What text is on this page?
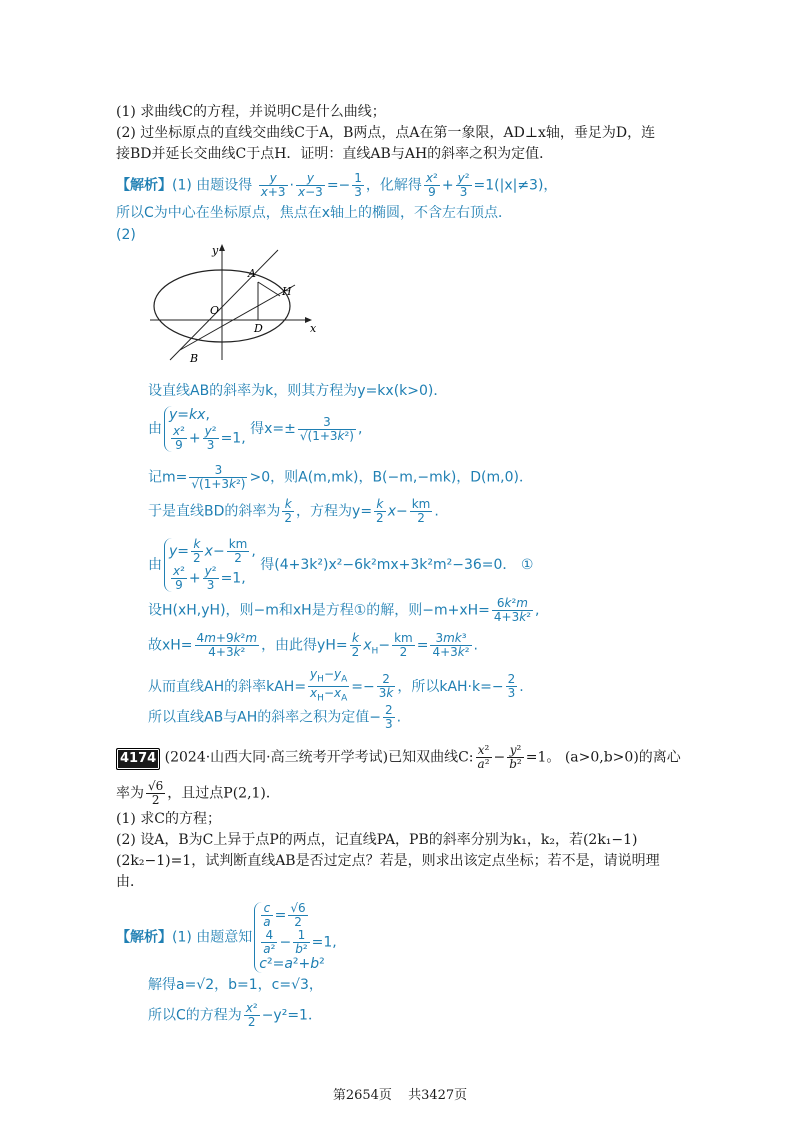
(1) 求曲线C的方程，并说明C是什么曲线；
(2) 过坐标原点的直线交曲线C于A，B两点，点A在第一象限，AD⊥x轴，垂足为D，连
接BD并延长交曲线C于点H．证明：直线AB与AH的斜率之积为定值．
【解析】(1) 由题设得 $\frac{y}{x+3} \cdot \frac{y}{x-3} =- \frac{1}{3}$ ，化解得 $\frac{\text{x²}}{9} + \frac{\text{y²}}{3} =1(|x|\ne 3)$，
所以C为中心在坐标原点，焦点在x轴上的椭圆，不含左右顶点．
(2)
y
x
O
A
H
D
B
设直线AB的斜率为k，则其方程为y=kx(k>0)．
由
y=kx,
$\frac{\text{x²}}{9} + \frac{\text{y²}}{3} =1$,
得$x=\pm \frac{3}{\text{√(1+3k²)}}$ ,
记$m= \frac{3}{\text{√(1+3k²)}} >0$，则A(m,mk)，B(−m,−mk)，D(m,0)．
于是直线BD的斜率为 $\frac{k}{2}$ ，方程为$y= \frac{k}{2} x- \frac{km}{2}$ .
由
$y= \frac{k}{2} x- \frac{km}{2}$ ,
$\frac{\text{x²}}{9} + \frac{\text{y²}}{3} =1$,
得(4+3k²)x²−6k²mx+3k²m²−36=0． ①
设H(xH,yH)，则−m和xH是方程①的解，则$-m+xH= \frac{\text{6k²m}}{\text{4+3k²}}$ ,
故$xH= \frac{\text{4m+9k²m}}{\text{4+3k²}}$ ，由此得$yH= \frac{k}{2} x_H- \frac{km}{2} = \frac{\text{3mk³}}{\text{4+3k²}}$ .
从而直线AH的斜率$kAH= \frac{y_H-y_A}{x_H-x_A} =- \frac{2}{3k}$ ，所以$kAH\cdot k=- \frac{2}{3}$ .
所以直线AB与AH的斜率之积为定值− $\frac{2}{3}$ .
4174 (2024·山西大同·高三统考开学考试)已知双曲线C: $\frac{\text{x²}}{\text{a²}} - \frac{\text{y²}}{\text{b²}} =1$。 (a>0,b>0)的离心
率为 $\frac{√6}{2}$ ，且过点P(2,1)．
(1) 求C的方程；
(2) 设A，B为C上异于点P的两点，记直线PA，PB的斜率分别为k₁，k₂，若(2k₁−1)
(2k₂−1)=1，试判断直线AB是否过定点？若是，则求出该定点坐标；若不是，请说明理
由．
【解析】(1) 由题意知
$\frac{c}{a} = \frac{√6}{2}$
$\frac{4}{\text{a²}} - \frac{1}{\text{b²}} =1$,
c²=a²+b²
解得a=√2，b=1，c=√3，
所以C的方程为 $\frac{\text{x²}}{2} -y^2=1$．
第2654页 共3427页
